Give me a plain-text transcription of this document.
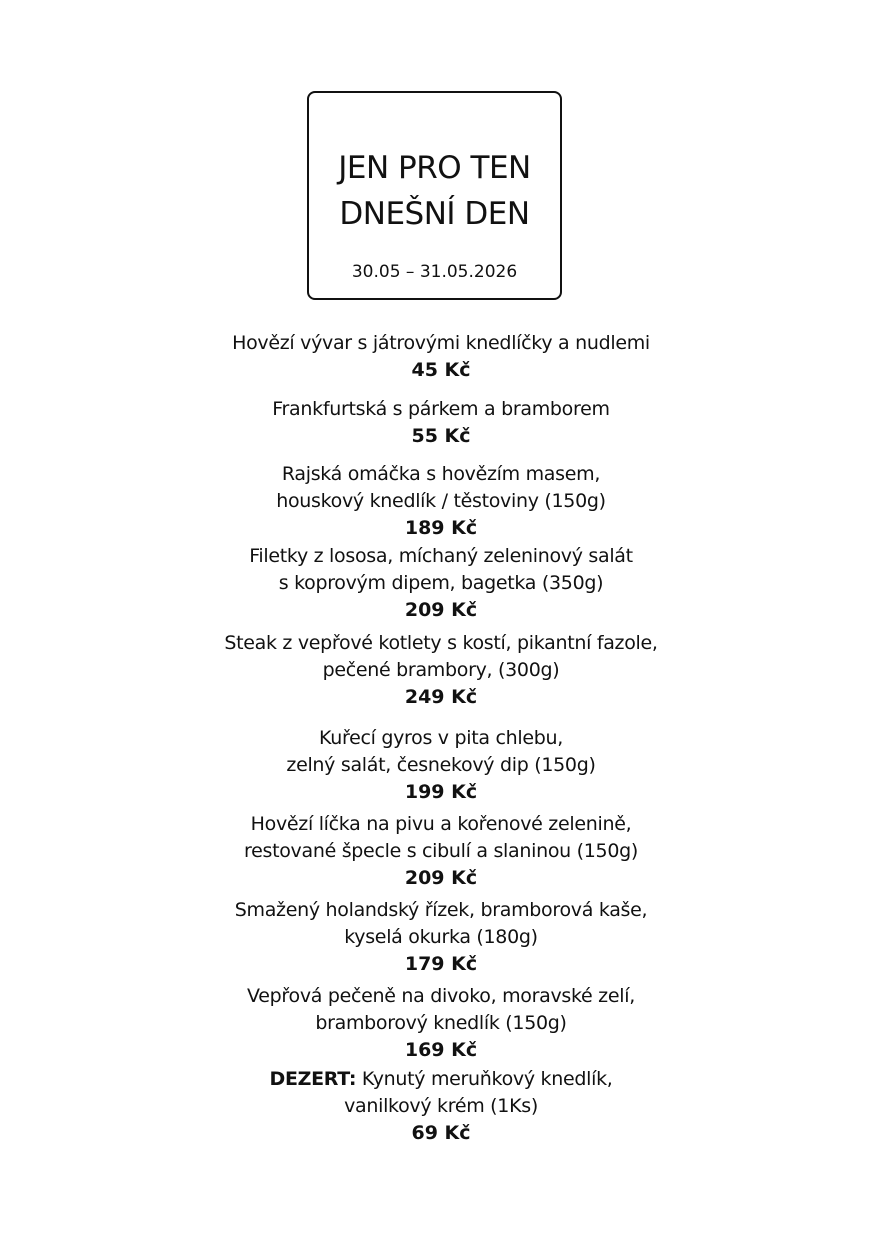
JEN PRO TEN
DNEŠNÍ DEN
30.05 – 31.05.2026
Hovězí vývar s játrovými knedlíčky a nudlemi
45 Kč
Frankfurtská s párkem a bramborem
55 Kč
Rajská omáčka s hovězím masem,
houskový knedlík / těstoviny (150g)
189 Kč
Filetky z lososa, míchaný zeleninový salát
s koprovým dipem, bagetka (350g)
209 Kč
Steak z vepřové kotlety s kostí, pikantní fazole,
pečené brambory, (300g)
249 Kč
Kuřecí gyros v pita chlebu,
zelný salát, česnekový dip (150g)
199 Kč
Hovězí líčka na pivu a kořenové zelenině,
restované špecle s cibulí a slaninou (150g)
209 Kč
Smažený holandský řízek, bramborová kaše,
kyselá okurka (180g)
179 Kč
Vepřová pečeně na divoko, moravské zelí,
bramborový knedlík (150g)
169 Kč
DEZERT: Kynutý meruňkový knedlík,
vanilkový krém (1Ks)
69 Kč
